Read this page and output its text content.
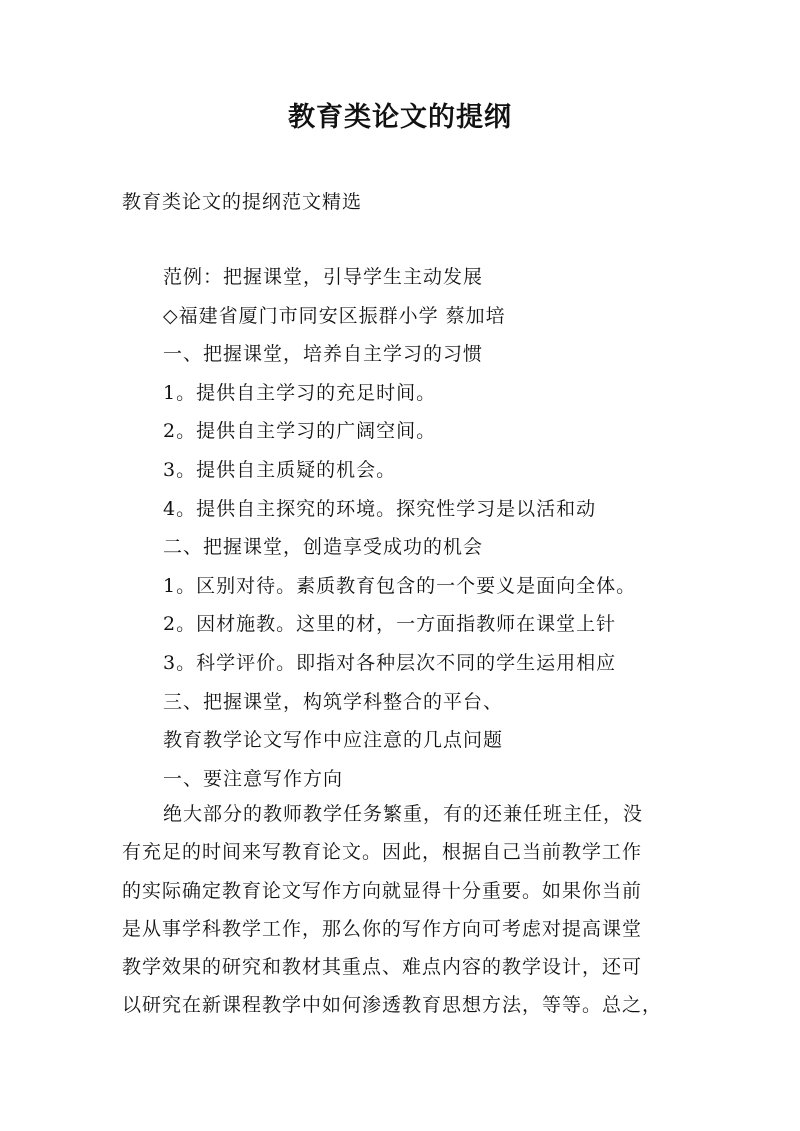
教育类论文的提纲
教育类论文的提纲范文精选
范例：把握课堂，引导学生主动发展
◇福建省厦门市同安区振群小学 蔡加培
一、把握课堂，培养自主学习的习惯
1。提供自主学习的充足时间。
2。提供自主学习的广阔空间。
3。提供自主质疑的机会。
4。提供自主探究的环境。探究性学习是以活和动
二、把握课堂，创造享受成功的机会
1。区别对待。素质教育包含的一个要义是面向全体。
2。因材施教。这里的材，一方面指教师在课堂上针
3。科学评价。即指对各种层次不同的学生运用相应
三、把握课堂，构筑学科整合的平台、
教育教学论文写作中应注意的几点问题
一、要注意写作方向
绝大部分的教师教学任务繁重，有的还兼任班主任，没
有充足的时间来写教育论文。因此，根据自己当前教学工作
的实际确定教育论文写作方向就显得十分重要。如果你当前
是从事学科教学工作，那么你的写作方向可考虑对提高课堂
教学效果的研究和教材其重点、难点内容的教学设计，还可
以研究在新课程教学中如何渗透教育思想方法，等等。总之，
